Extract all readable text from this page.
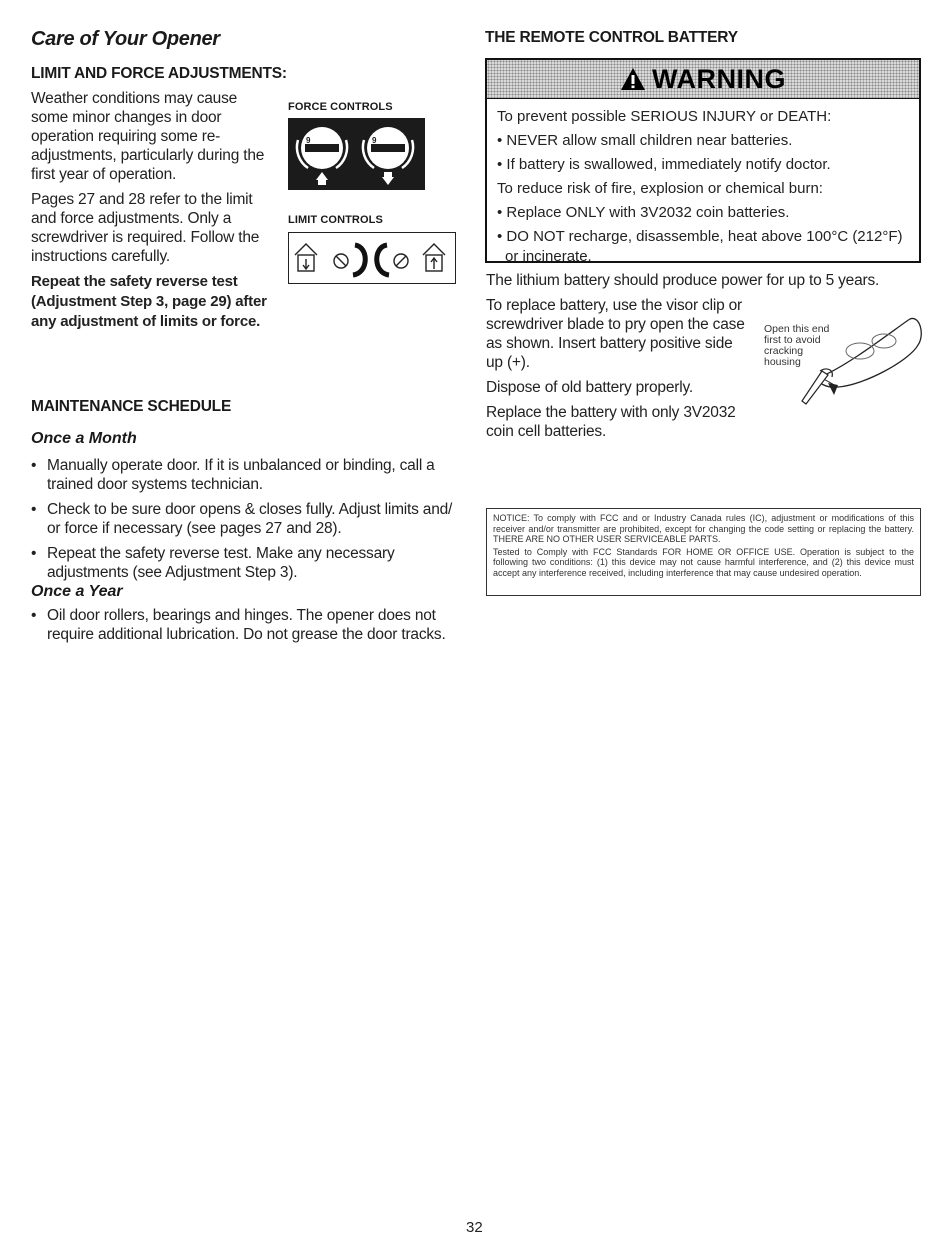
Care of Your Opener
LIMIT AND FORCE ADJUSTMENTS:

Weather conditions may cause some minor changes in door operation requiring some re-adjustments, particularly during the first year of operation.

Pages 27 and 28 refer to the limit and force adjustments. Only a screwdriver is required. Follow the instructions carefully.

Repeat the safety reverse test (Adjustment Step 3, page 29) after any adjustment of limits or force.
FORCE CONTROLS
9	9
LIMIT CONTROLS
MAINTENANCE SCHEDULE
Once a Month
• Manually operate door. If it is unbalanced or binding, call a trained door systems technician.
• Check to be sure door opens & closes fully. Adjust limits and/ or force if necessary (see pages 27 and 28).
• Repeat the safety reverse test. Make any necessary adjustments (see Adjustment Step 3).
Once a Year
• Oil door rollers, bearings and hinges. The opener does not require additional lubrication. Do not grease the door tracks.
THE REMOTE CONTROL BATTERY
WARNING

To prevent possible SERIOUS INJURY or DEATH:

• NEVER allow small children near batteries.

• If battery is swallowed, immediately notify doctor.

To reduce risk of fire, explosion or chemical burn:

• Replace ONLY with 3V2032 coin batteries.

• DO NOT recharge, disassemble, heat above 100°C (212°F) or incinerate.

The lithium battery should produce power for up to 5 years.

To replace battery, use the visor clip or screwdriver blade to pry open the case as shown. Insert battery positive side up (+).

Dispose of old battery properly.

Replace the battery with only 3V2032 coin cell batteries.

Open this end
first to avoid
cracking
housing

NOTICE: To comply with FCC and or Industry Canada rules (IC), adjustment or modifications of this receiver and/or transmitter are prohibited, except for changing the code setting or replacing the battery. THERE ARE NO OTHER USER SERVICEABLE PARTS.

Tested to Comply with FCC Standards FOR HOME OR OFFICE USE. Operation is subject to the following two conditions: (1) this device may not cause harmful interference, and (2) this device must accept any interference received, including interference that may cause undesired operation.

32
